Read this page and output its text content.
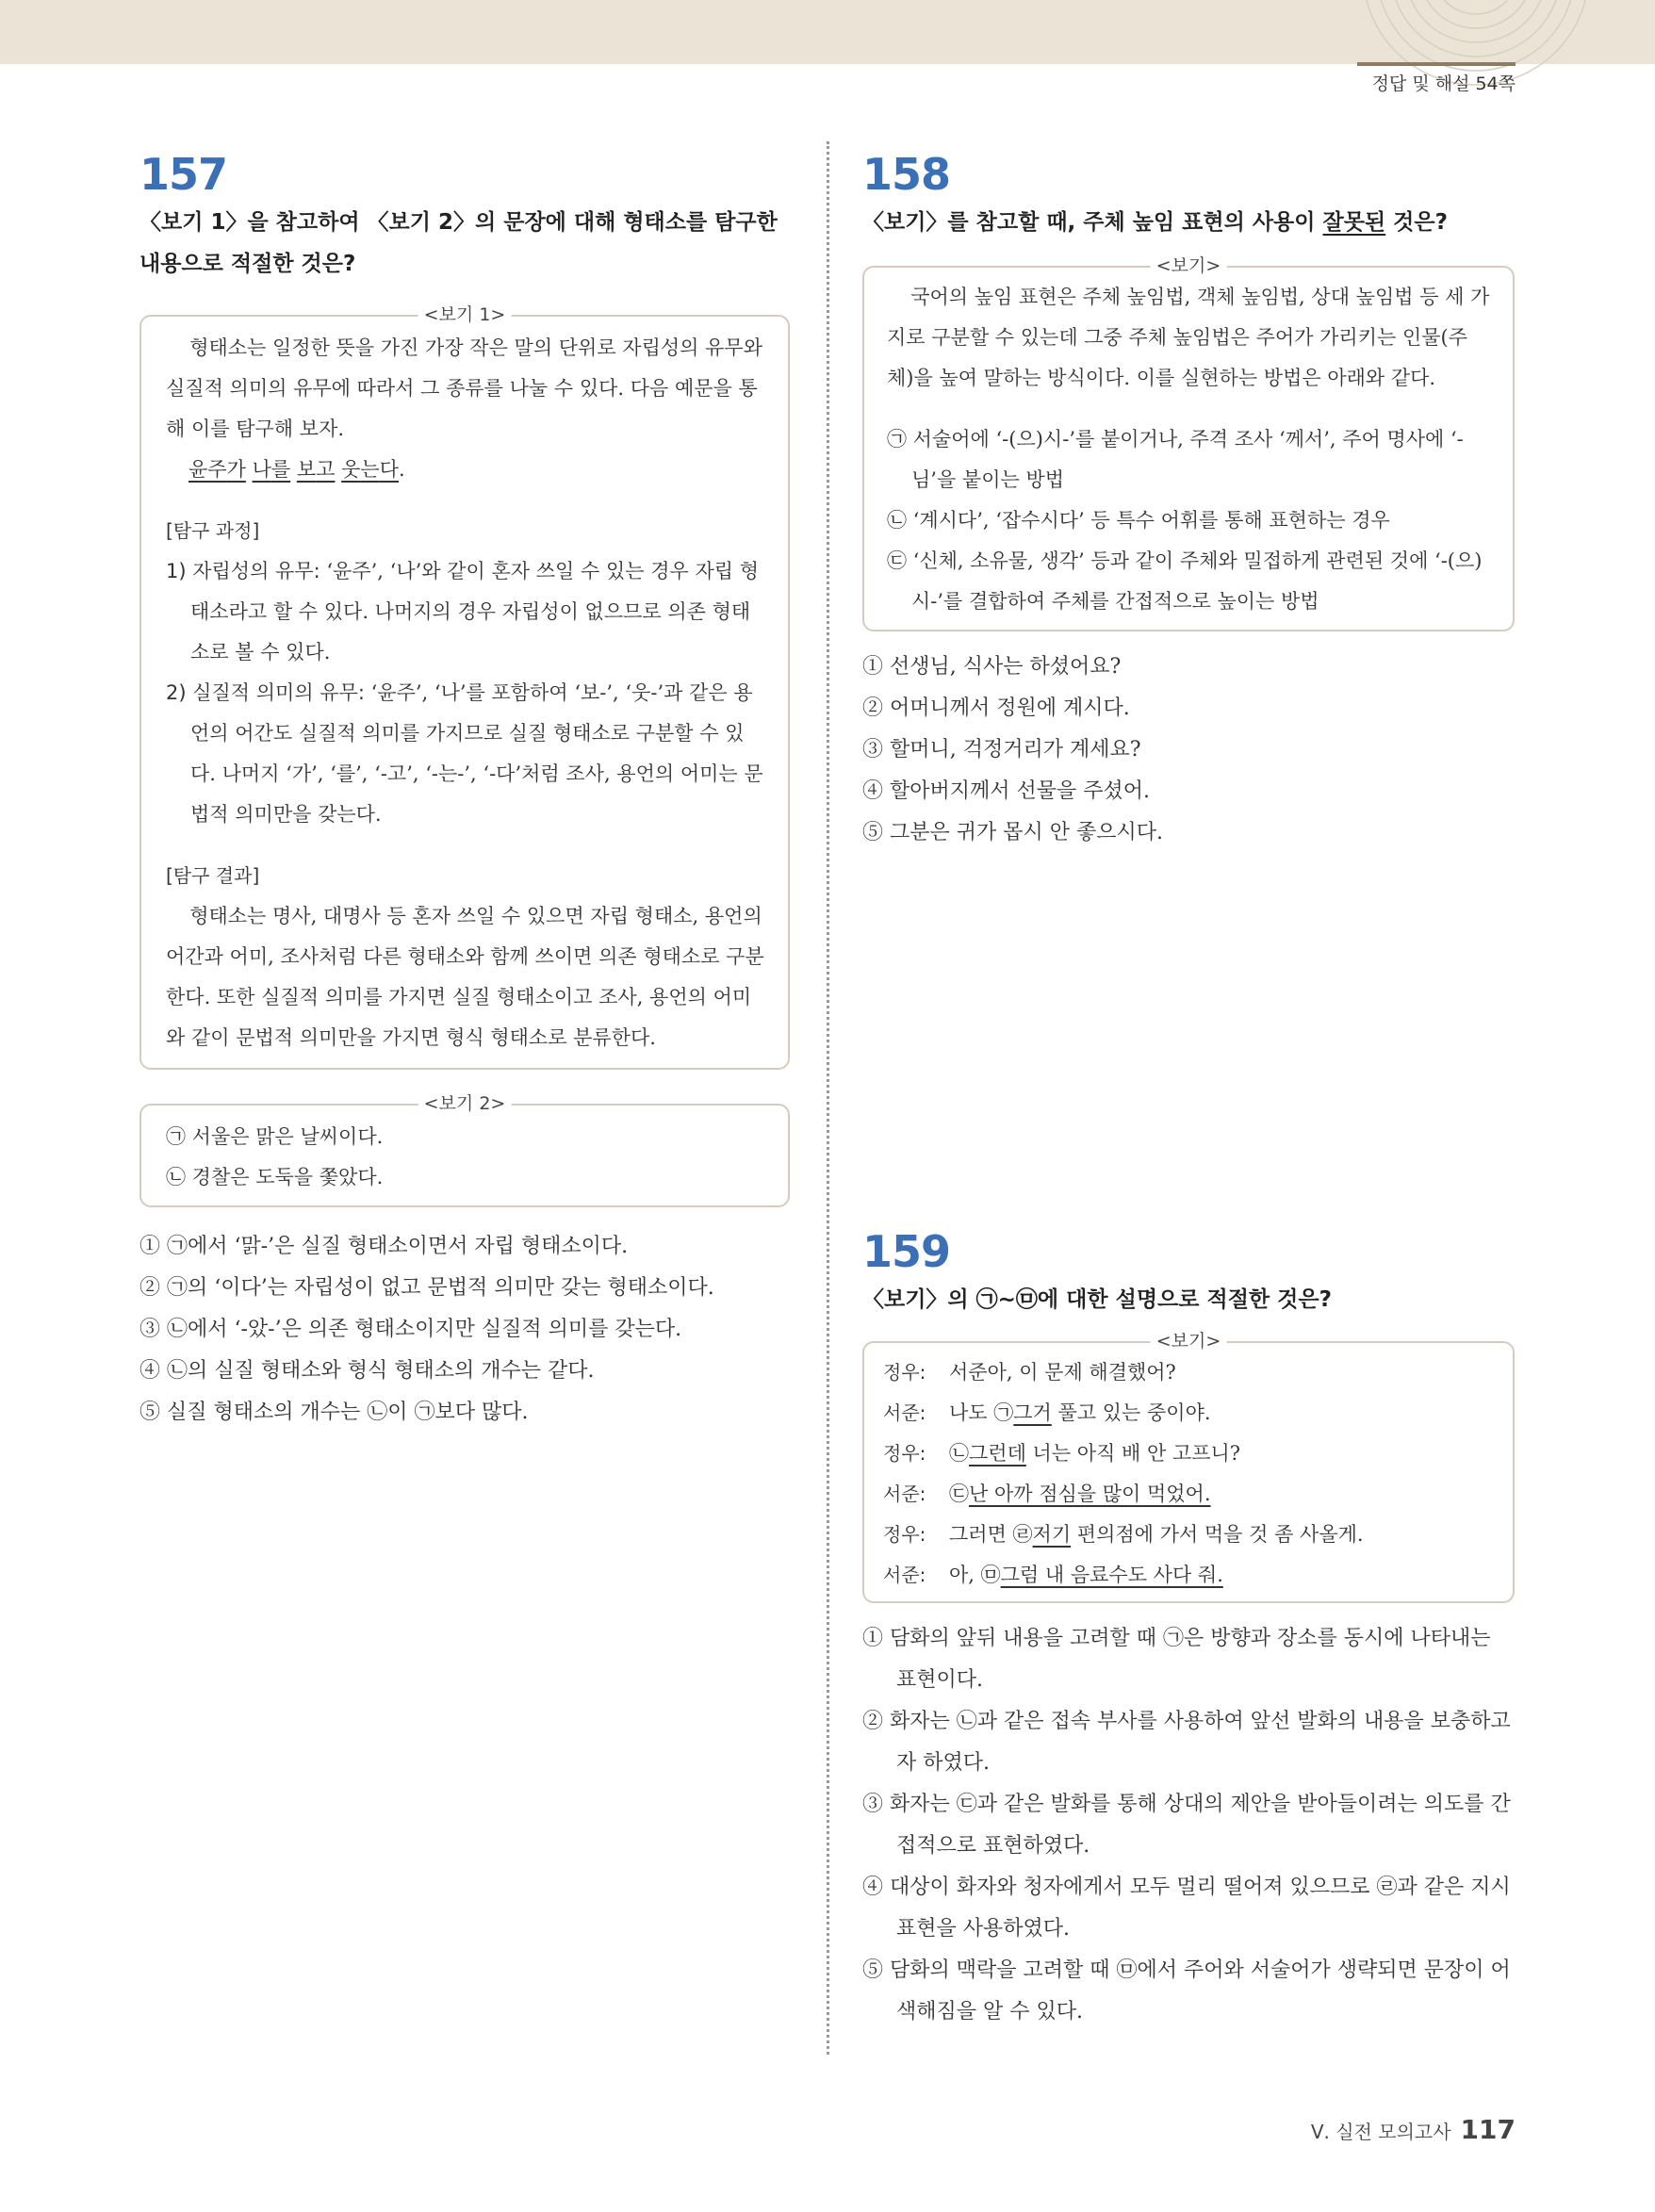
정답 및 해설 54쪽
157
〈보기 1〉을 참고하여 〈보기 2〉의 문장에 대해 형태소를 탐구한 내용으로 적절한 것은?
<보기 1>

형태소는 일정한 뜻을 가진 가장 작은 말의 단위로 자립성의 유무와 실질적 의미의 유무에 따라서 그 종류를 나눌 수 있다. 다음 예문을 통해 이를 탐구해 보자.

윤주가 나를 보고 웃는다.

[탐구 과정]

1) 자립성의 유무: ‘윤주’, ‘나’와 같이 혼자 쓰일 수 있는 경우 자립 형태소라고 할 수 있다. 나머지의 경우 자립성이 없으므로 의존 형태소로 볼 수 있다.

2) 실질적 의미의 유무: ‘윤주’, ‘나’를 포함하여 ‘보-’, ‘웃-’과 같은 용언의 어간도 실질적 의미를 가지므로 실질 형태소로 구분할 수 있다. 나머지 ‘가’, ‘를’, ‘-고’, ‘-는-’, ‘-다’처럼 조사, 용언의 어미는 문법적 의미만을 갖는다.

[탐구 결과]

형태소는 명사, 대명사 등 혼자 쓰일 수 있으면 자립 형태소, 용언의 어간과 어미, 조사처럼 다른 형태소와 함께 쓰이면 의존 형태소로 구분한다. 또한 실질적 의미를 가지면 실질 형태소이고 조사, 용언의 어미와 같이 문법적 의미만을 가지면 형식 형태소로 분류한다.

<보기 2>

㉠ 서울은 맑은 날씨이다.

㉡ 경찰은 도둑을 쫓았다.

① ㉠에서 ‘맑-’은 실질 형태소이면서 자립 형태소이다.

② ㉠의 ‘이다’는 자립성이 없고 문법적 의미만 갖는 형태소이다.

③ ㉡에서 ‘-았-’은 의존 형태소이지만 실질적 의미를 갖는다.

④ ㉡의 실질 형태소와 형식 형태소의 개수는 같다.

⑤ 실질 형태소의 개수는 ㉡이 ㉠보다 많다.

158
〈보기〉를 참고할 때, 주체 높임 표현의 사용이 잘못된 것은?
<보기>

국어의 높임 표현은 주체 높임법, 객체 높임법, 상대 높임법 등 세 가지로 구분할 수 있는데 그중 주체 높임법은 주어가 가리키는 인물(주체)을 높여 말하는 방식이다. 이를 실현하는 방법은 아래와 같다.

㉠ 서술어에 ‘-(으)시-’를 붙이거나, 주격 조사 ‘께서’, 주어 명사에 ‘-님’을 붙이는 방법

㉡ ‘계시다’, ‘잡수시다’ 등 특수 어휘를 통해 표현하는 경우

㉢ ‘신체, 소유물, 생각’ 등과 같이 주체와 밀접하게 관련된 것에 ‘-(으)시-’를 결합하여 주체를 간접적으로 높이는 방법

① 선생님, 식사는 하셨어요?

② 어머니께서 정원에 계시다.

③ 할머니, 걱정거리가 계세요?

④ 할아버지께서 선물을 주셨어.

⑤ 그분은 귀가 몹시 안 좋으시다.

159
〈보기〉의 ㉠~㉤에 대한 설명으로 적절한 것은?
<보기>

정우:	서준아, 이 문제 해결했어?

서준:	나도 ㉠그거 풀고 있는 중이야.

정우:	㉡그런데 너는 아직 배 안 고프니?

서준:	㉢난 아까 점심을 많이 먹었어.

정우:	그러면 ㉣저기 편의점에 가서 먹을 것 좀 사올게.

서준:	아, ㉤그럼 내 음료수도 사다 줘.

① 담화의 앞뒤 내용을 고려할 때 ㉠은 방향과 장소를 동시에 나타내는 표현이다.

② 화자는 ㉡과 같은 접속 부사를 사용하여 앞선 발화의 내용을 보충하고자 하였다.

③ 화자는 ㉢과 같은 발화를 통해 상대의 제안을 받아들이려는 의도를 간접적으로 표현하였다.

④ 대상이 화자와 청자에게서 모두 멀리 떨어져 있으므로 ㉣과 같은 지시 표현을 사용하였다.

⑤ 담화의 맥락을 고려할 때 ㉤에서 주어와 서술어가 생략되면 문장이 어색해짐을 알 수 있다.

Ⅴ. 실전 모의고사 117
